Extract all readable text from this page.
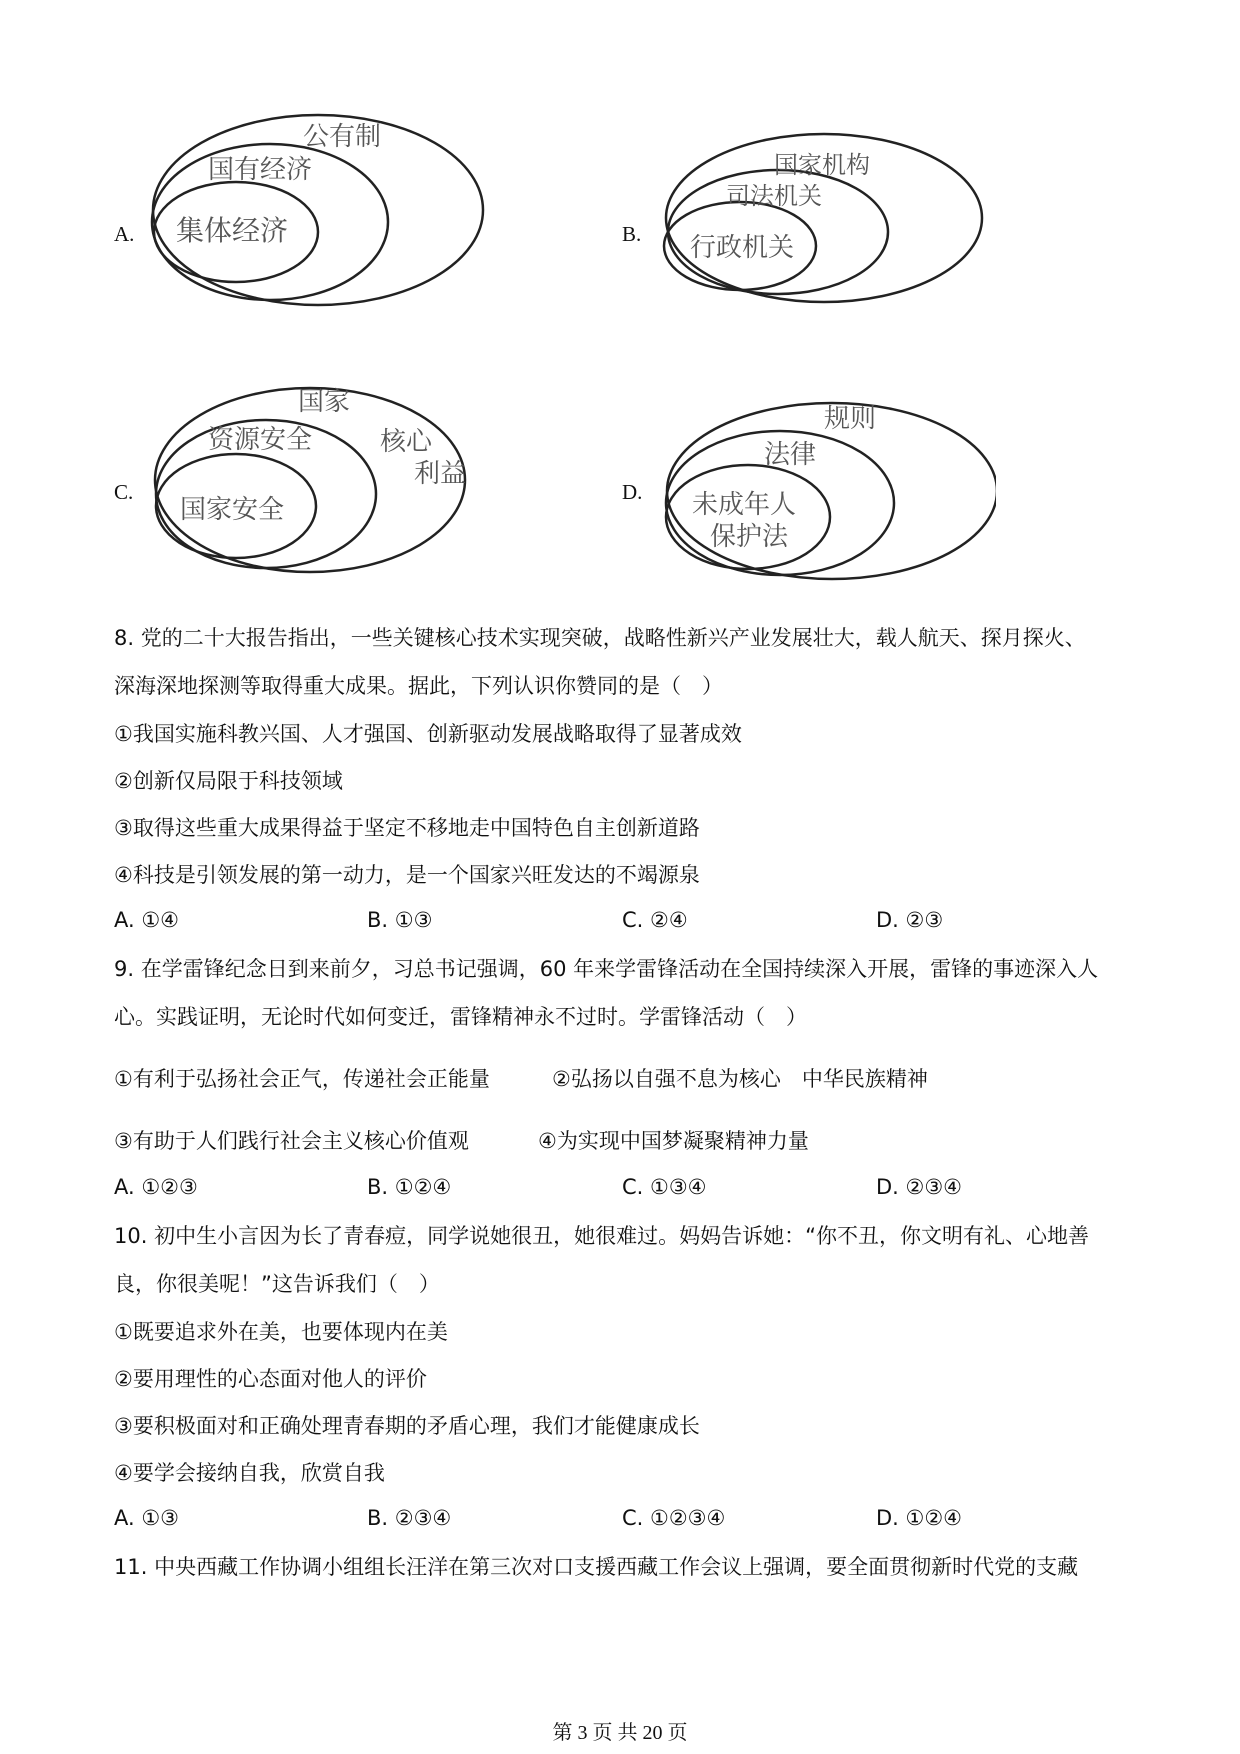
A.
公有制
国有经济
集体经济	B.
国家机构
司法机关
行政机关
C.
国家
核心
利益
资源安全
国家安全
D.
规则
法律
未成年人
保护法
8. 党的二十大报告指出，一些关键核心技术实现突破，战略性新兴产业发展壮大，载人航天、探月探火、
深海深地探测等取得重大成果。据此，下列认识你赞同的是（　）
①我国实施科教兴国、人才强国、创新驱动发展战略取得了显著成效
②创新仅局限于科技领域
③取得这些重大成果得益于坚定不移地走中国特色自主创新道路
④科技是引领发展的第一动力，是一个国家兴旺发达的不竭源泉
A. ①④	B. ①③	C. ②④	D. ②③
9. 在学雷锋纪念日到来前夕，习总书记强调，60 年来学雷锋活动在全国持续深入开展，雷锋的事迹深入人
心。实践证明，无论时代如何变迁，雷锋精神永不过时。学雷锋活动（　）
①有利于弘扬社会正气，传递社会正能量	②弘扬以自强不息为核心　中华民族精神
③有助于人们践行社会主义核心价值观	④为实现中国梦凝聚精神力量
A. ①②③	B. ①②④	C. ①③④	D. ②③④
10. 初中生小言因为长了青春痘，同学说她很丑，她很难过。妈妈告诉她：“你不丑，你文明有礼、心地善
良，你很美呢！”这告诉我们（　）
①既要追求外在美，也要体现内在美
②要用理性的心态面对他人的评价
③要积极面对和正确处理青春期的矛盾心理，我们才能健康成长
④要学会接纳自我，欣赏自我
A. ①③	B. ②③④	C. ①②③④	D. ①②④
11. 中央西藏工作协调小组组长汪洋在第三次对口支援西藏工作会议上强调，要全面贯彻新时代党的支藏
第 3 页 共 20 页
